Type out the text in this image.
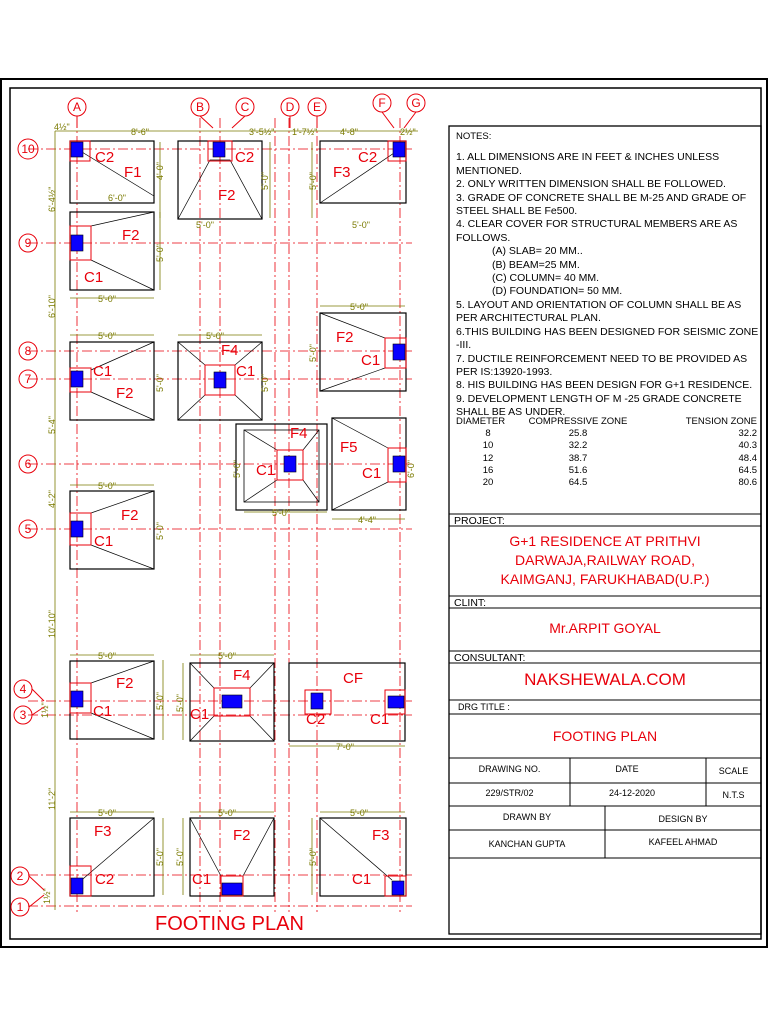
F1
C2
F2
C2
F3
C2
F2
C1
C1
F2
F4
C1
F2
C1
F4
C1
F5
C1
F2
C1
F2
C1
F4
C1
CF
C2	C1
F3
C2
F2
C1
F3
C1
8'-6"	3'-5½" 1'-7½"	4'-8"	2½"
4½"
6'-0"
5'-0"	5'-0"
5'-0"
5'-0"	5'-0"
5'-0"
5'-0"
5'-0"
4'-4"
5'-0"	5'-0"
7'-0"
5'-0"	5'-0"	5'-0"
4'-0"
5'-0"	5'-0"
5'-0"
5'-0"	5'-0"
5'-0"
5'-0"	6'-0"
5'-0"
5'-0" 5'-0"
5'-0" 5'-0"	5'-0"
6'-4½"
6'-10"
5'-4"
4'-2"
10'-10"
1½"
11'-2"
1½"
A	B	C	D E	F G
10
9
8
7
6
5
4
3
2
1
FOOTING PLAN
NOTES:
1. ALL DIMENSIONS ARE IN FEET & INCHES UNLESS
MENTIONED.
2. ONLY WRITTEN DIMENSION SHALL BE FOLLOWED.
3. GRADE OF CONCRETE SHALL BE M-25 AND GRADE OF
STEEL SHALL BE Fe500.
4. CLEAR COVER FOR STRUCTURAL MEMBERS ARE AS
FOLLOWS.
(A) SLAB= 20 MM..
(B) BEAM=25 MM.
(C) COLUMN= 40 MM.
(D) FOUNDATION= 50 MM.
5. LAYOUT AND ORIENTATION OF COLUMN SHALL BE AS
PER ARCHITECTURAL PLAN.
6.THIS BUILDING HAS BEEN DESIGNED FOR SEISMIC ZONE
-III.
7. DUCTILE REINFORCEMENT NEED TO BE PROVIDED AS
PER IS:13920-1993.
8. HIS BUILDING HAS BEEN DESIGN FOR G+1 RESIDENCE.
9. DEVELOPMENT LENGTH OF M -25 GRADE CONCRETE
SHALL BE AS UNDER.
DIAMETER	COMPRESSIVE ZONE	TENSION ZONE
8	25.8	32.2
10	32.2	40.3
12	38.7	48.4
16	51.6	64.5
20	64.5	80.6
PROJECT:
G+1 RESIDENCE AT PRITHVI
DARWAJA,RAILWAY ROAD,
KAIMGANJ, FARUKHABAD(U.P.)
CLINT:
Mr.ARPIT GOYAL
CONSULTANT:
NAKSHEWALA.COM
DRG TITLE :
FOOTING PLAN
DRAWING NO.	DATE	SCALE
229/STR/02	24-12-2020	N.T.S
DRAWN BY	DESIGN BY
KANCHAN GUPTA	KAFEEL AHMAD
